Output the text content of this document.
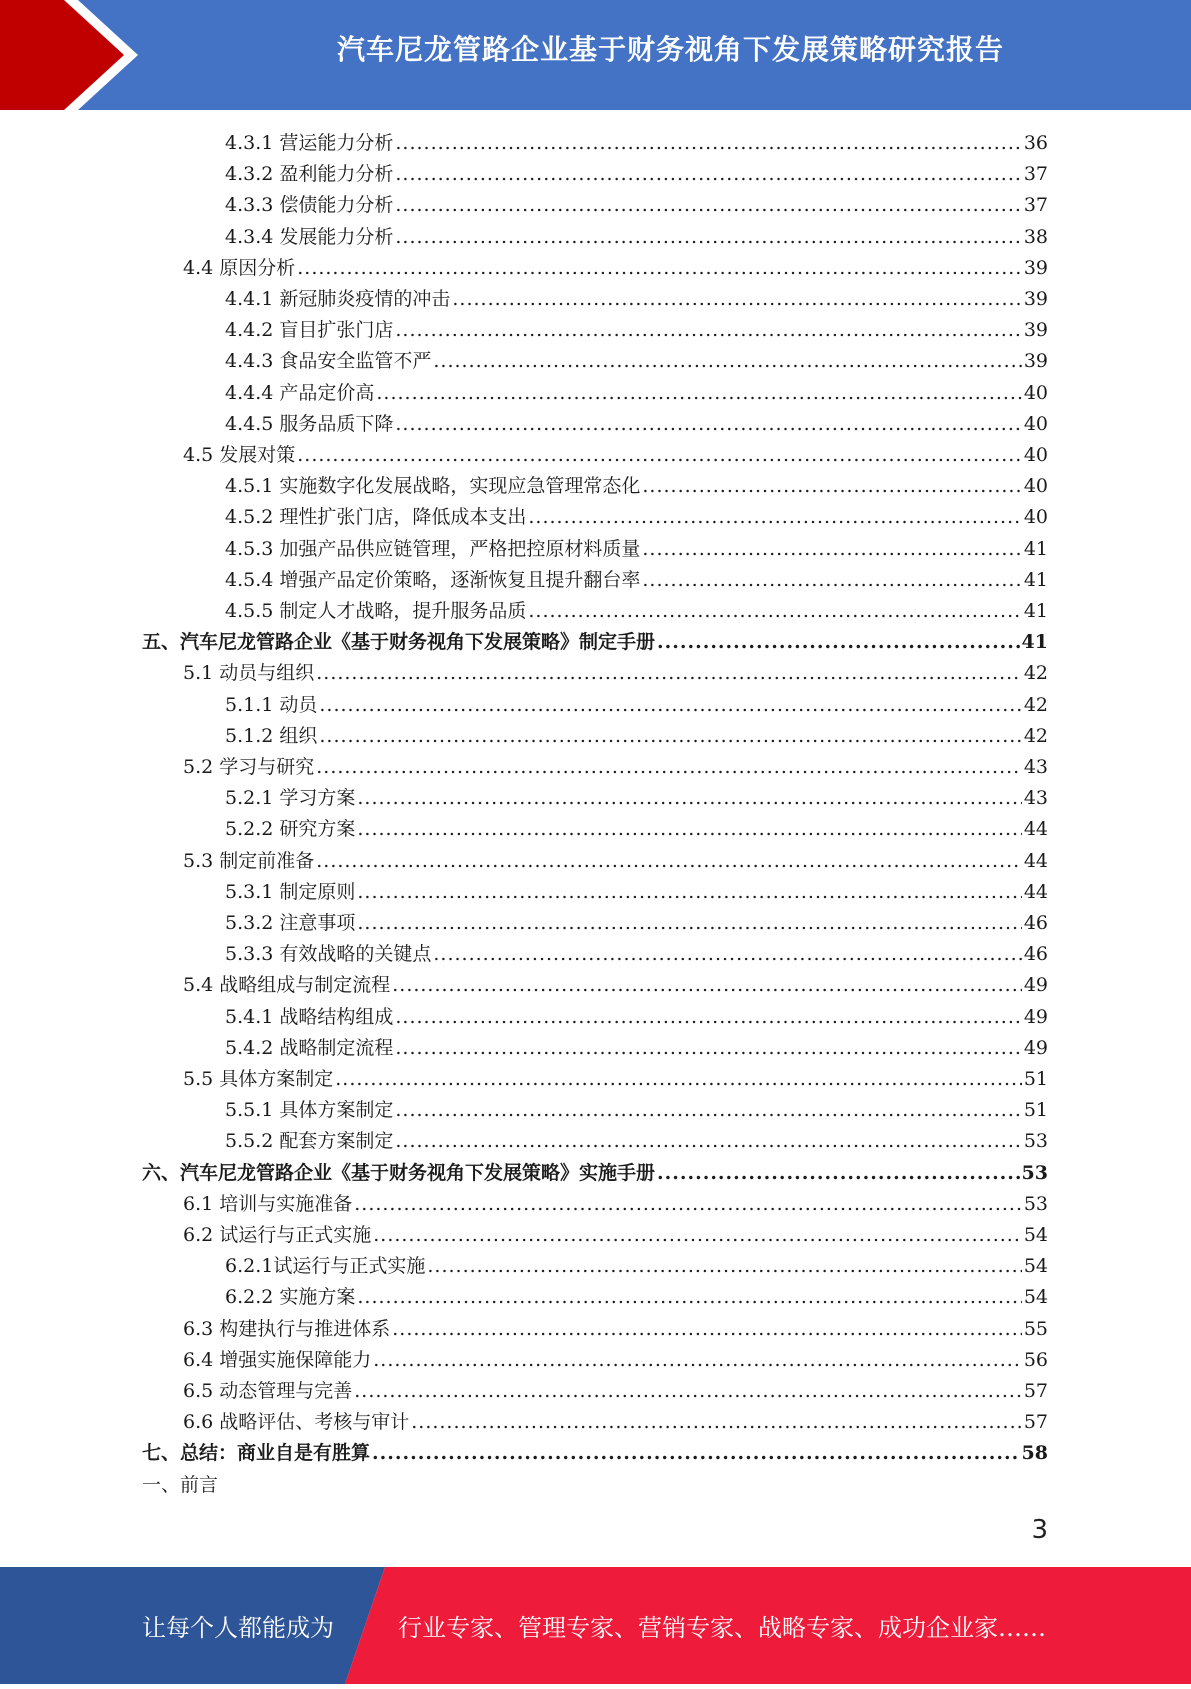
汽车尼龙管路企业基于财务视角下发展策略研究报告
4.3.1 营运能力分析 .....	36
4.3.2 盈利能力分析 .....	37
4.3.3 偿债能力分析 .....	37
4.3.4 发展能力分析 .....	38
4.4 原因分析 .....	39
4.4.1 新冠肺炎疫情的冲击 .....	39
4.4.2 盲目扩张门店 .....	39
4.4.3 食品安全监管不严 .....	39
4.4.4 产品定价高 .....	40
4.4.5 服务品质下降 .....	40
4.5 发展对策 .....	40
4.5.1 实施数字化发展战略，实现应急管理常态化 .....	40
4.5.2 理性扩张门店，降低成本支出 .....	40
4.5.3 加强产品供应链管理，严格把控原材料质量 .....	41
4.5.4 增强产品定价策略，逐渐恢复且提升翻台率 .....	41
4.5.5 制定人才战略，提升服务品质 .....	41
五、汽车尼龙管路企业《基于财务视角下发展策略》制定手册 .....	41
5.1 动员与组织 .....	42
5.1.1 动员 .....	42
5.1.2 组织 .....	42
5.2 学习与研究 .....	43
5.2.1 学习方案 .....	43
5.2.2 研究方案 .....	44
5.3 制定前准备 .....	44
5.3.1 制定原则 .....	44
5.3.2 注意事项 .....	46
5.3.3 有效战略的关键点 .....	46
5.4 战略组成与制定流程 .....	49
5.4.1 战略结构组成 .....	49
5.4.2 战略制定流程 .....	49
5.5 具体方案制定 .....	51
5.5.1 具体方案制定 .....	51
5.5.2 配套方案制定 .....	53
六、汽车尼龙管路企业《基于财务视角下发展策略》实施手册 .....	53
6.1 培训与实施准备 .....	53
6.2 试运行与正式实施 .....	54
6.2.1 试运行与正式实施 .....	54
6.2.2 实施方案 .....	54
6.3 构建执行与推进体系 .....	55
6.4 增强实施保障能力 .....	56
6.5 动态管理与完善 .....	57
6.6 战略评估、考核与审计 .....	57
七、总结：商业自是有胜算 .....	58
一、前言
3
让每个人都能成为	行业专家、管理专家、营销专家、战略专家、成功企业家……
